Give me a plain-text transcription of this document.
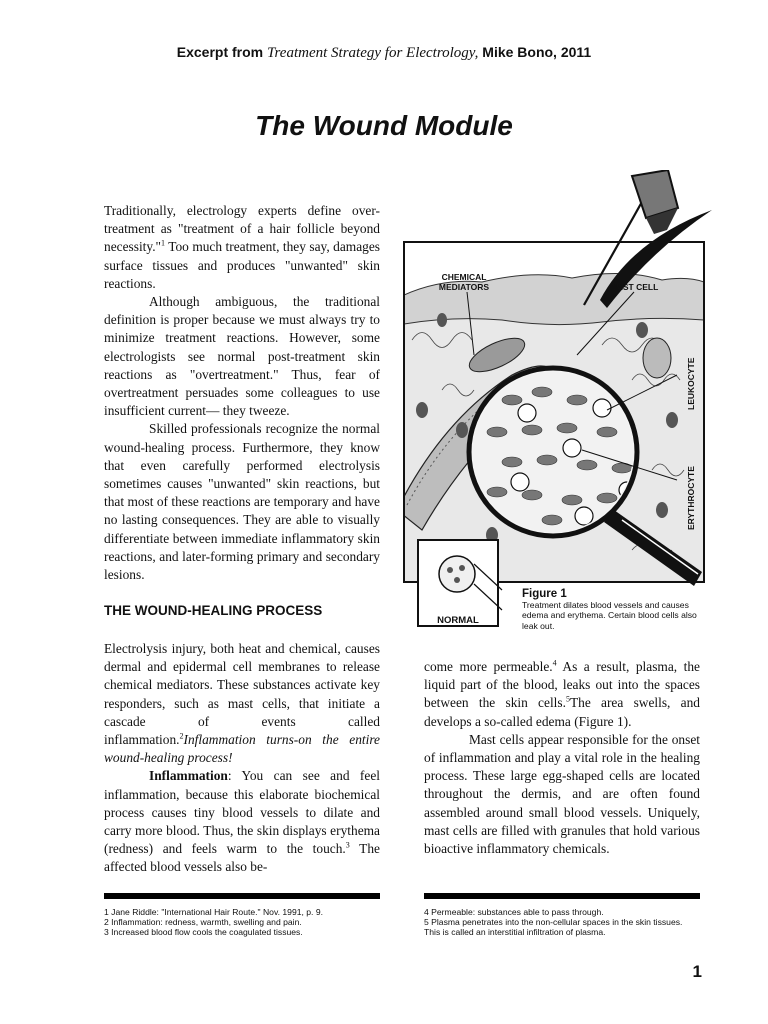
Excerpt from Treatment Strategy for Electrology, Mike Bono, 2011
The Wound Module

Traditionally, electrology experts define over-treatment as "treatment of a hair follicle beyond necessity."$^1$ Too much treatment, they say, damages surface tissues and produces "unwanted" skin reactions.

Although ambiguous, the traditional definition is proper because we must always try to minimize treatment reactions. However, some electrologists see normal post-treatment skin reactions as "overtreatment." Thus, fear of overtreatment persuades some colleagues to use insufficient current— they tweeze.

Skilled professionals recognize the normal wound-healing process. Furthermore, they know that even carefully performed electrolysis sometimes causes "unwanted" skin reactions, but that most of these reactions are temporary and have no lasting consequences. They are able to visually differentiate between immediate inflammatory skin reactions, and later-forming primary and secondary lesions.

THE WOUND-HEALING PROCESS

Electrolysis injury, both heat and chemical, causes dermal and epidermal cell membranes to release chemical mediators. These substances activate key responders, such as mast cells, that initiate a cascade of events called inflammation.$^2$Inflammation turns-on the entire wound-healing process!

Inflammation: You can see and feel inflammation, because this elaborate biochemical process causes tiny blood vessels to dilate and carry more blood. Thus, the skin displays erythema (redness) and feels warm to the touch.$^3$ The affected blood vessels also be-

CHEMICAL
MEDIATORS	MAST CELL
LEUKOCYTE
ERYTHROCYTE
NORMAL
Figure 1
Treatment dilates blood vessels and causes edema and erythema. Certain blood cells also leak out.

come more permeable.$^4$ As a result, plasma, the liquid part of the blood, leaks out into the spaces between the skin cells.$^5$The area swells, and develops a so-called edema (Figure 1).

Mast cells appear responsible for the onset of inflammation and play a vital role in the healing process. These large egg-shaped cells are located throughout the dermis, and are often found assembled around small blood vessels. Uniquely, mast cells are filled with granules that hold various bioactive inflammatory chemicals.

1 Jane Riddle: "International Hair Route." Nov. 1991, p. 9.
2 Inflammation: redness, warmth, swelling and pain.
3 Increased blood flow cools the coagulated tissues.
4 Permeable: substances able to pass through.
5 Plasma penetrates into the non-cellular spaces in the skin tissues. This is called an interstitial infiltration of plasma.
1
